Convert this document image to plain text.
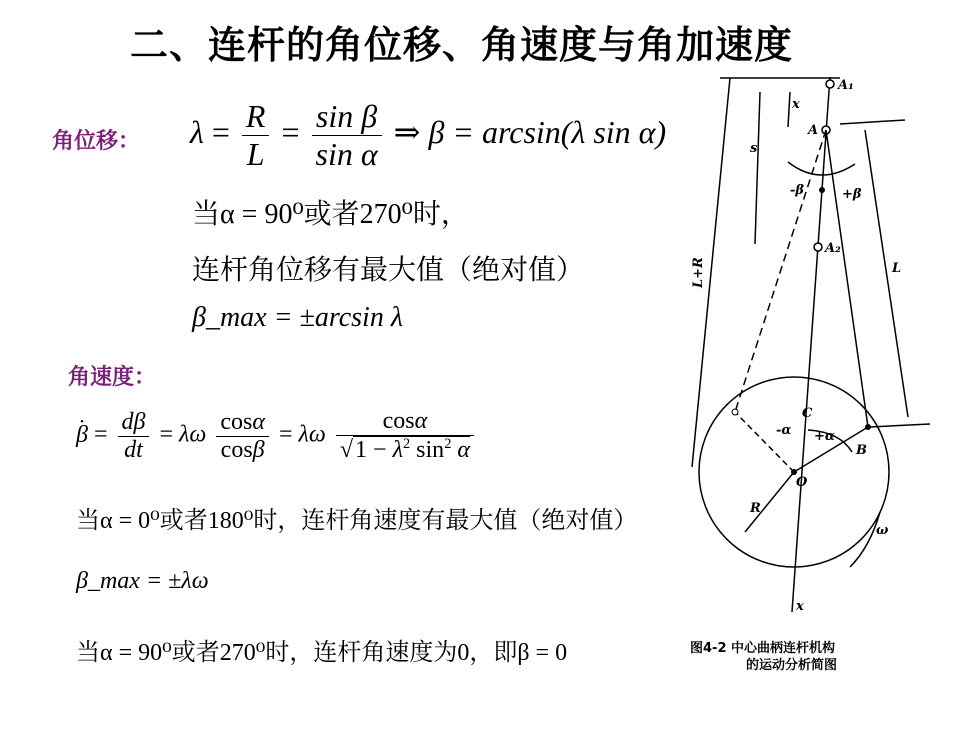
二、连杆的角位移、角速度与角加速度
角位移： $\lambda = \frac{R}{L} = \frac{\text{sin β}}{\text{sin α}}$ ⇒ β = arcsin(λ sin α)
当α = 90⁰或者270⁰时，
连杆角位移有最大值（绝对值）
β_max = ±arcsin λ
角速度：
• $\beta = \frac{d\beta}{dt} = \lambda\omega \frac{\cos\alpha}{\cos\beta} = \lambda\omega \frac{\cos\alpha}{√1 - \lambda^2 \sin^2 \alpha}$
当α = 0⁰或者180⁰时，连杆角速度有最大值（绝对值）
β_max = ±λω
当α = 90⁰或者270⁰时，连杆角速度为0，即β = 0
A₁
A
A₂
x
s
-β	+β
L
L+R
C
-α +α
B
O
R
ω
x
图4-2 中心曲柄连杆机构
的运动分析简图
